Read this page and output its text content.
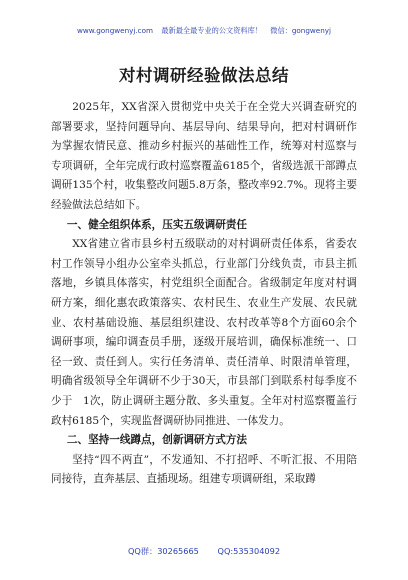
www.gongwenyj.com 最新最全最专业的公文资料库！ 微信：gongwenyj
对村调研经验做法总结

2025年，XX省深入贯彻党中央关于在全党大兴调查研究的部署要求，坚持问题导向、基层导向、结果导向，把对村调研作为掌握农情民意、推动乡村振兴的基础性工作，统筹对村巡察与专项调研，全年完成行政村巡察覆盖6185个，省级选派干部蹲点调研135个村，收集整改问题5.8万条，整改率92.7%。现将主要经验做法总结如下。

一、健全组织体系，压实五级调研责任

XX省建立省市县乡村五级联动的对村调研责任体系，省委农村工作领导小组办公室牵头抓总，行业部门分线负责，市县主抓落地，乡镇具体落实，村党组织全面配合。省级制定年度对村调研方案，细化惠农政策落实、农村民生、农业生产发展、农民就业、农村基础设施、基层组织建设、农村改革等8个方面60余个调研事项，编印调查员手册，逐级开展培训，确保标准统一、口径一致、责任到人。实行任务清单、责任清单、时限清单管理，明确省级领导全年调研不少于30天，市县部门到联系村每季度不少于　1次，防止调研主题分散、多头重复。全年对村巡察覆盖行政村6185个，实现监督调研协同推进、一体发力。

二、坚持一线蹲点，创新调研方式方法

坚持“四不两直”，不发通知、不打招呼、不听汇报、不用陪同接待，直奔基层、直插现场。组建专项调研组，采取蹲

QQ群：30265665 QQ:535304092
